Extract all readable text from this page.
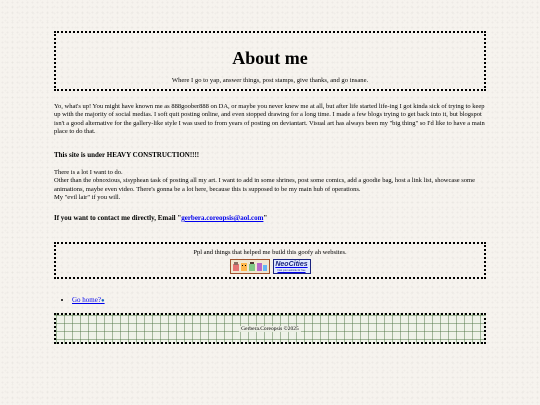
About me

Where I go to yap, answer things, post stamps, give thanks, and go insane.

Yo, what's up! You might have known me as 888goober888 on DA, or maybe you never knew me at all, but after life started life-ing I got kinda sick of trying to keep up with the majority of social medias. I soft quit posting online, and even stopped drawing for a long time. I made a few blogs trying to get back into it, but blogspot isn't a good alternative for the gallery-like style I was used to from years of posting on deviantart. Visual art has always been my "big thing" so I'd like to have a main place to do that.

This site is under HEAVY CONSTRUCTION!!!!

There is a lot I want to do.

Other than the obnoxious, sisyphean task of posting all my art. I want to add in some shrines, post some comics, add a goodie bag, host a link list, showcase some animations, maybe even video. There's gonna be a lot here, because this is supposed to be my main hub of operations.

My "evil lair" if you will.

If you want to contact me directly, Email "gerbera.coreopsis@aol.com"

Ppl and things that helped me build this goofy ah websites.

NeoCities
host your website for free
• Go home?●
Gerbera.Coreopsis ©2025
